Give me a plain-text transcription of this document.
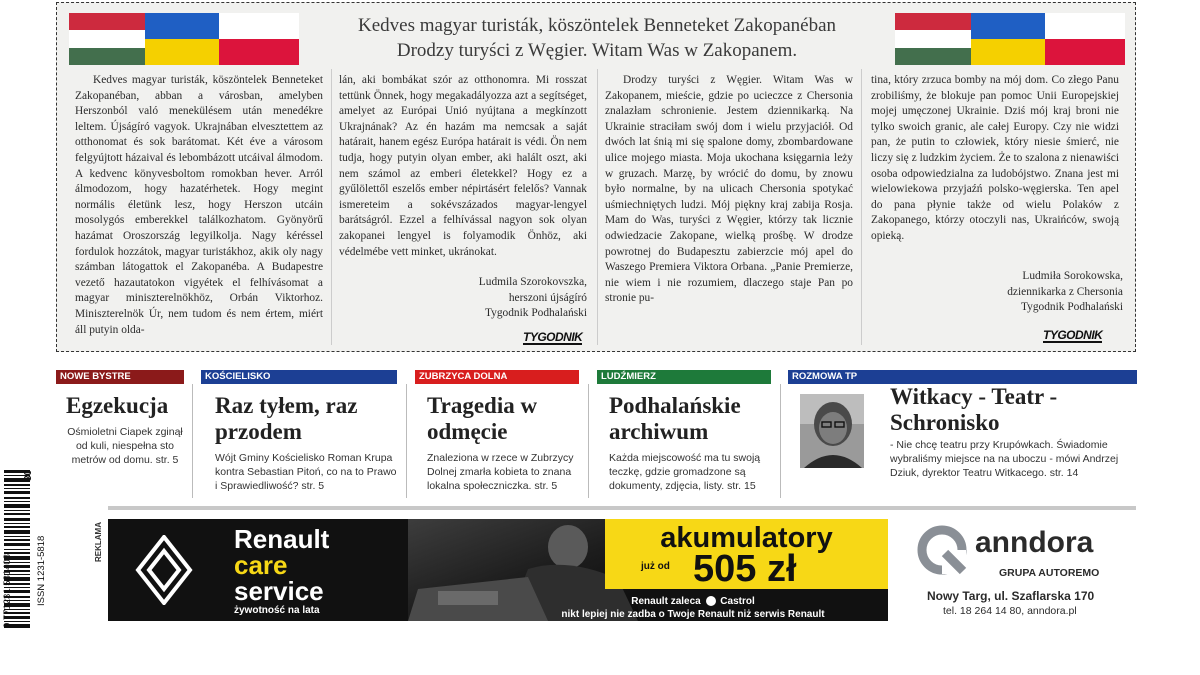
Kedves magyar turisták, köszöntelek Benneteket Zakopanéban
Drodzy turyści z Węgier. Witam Was w Zakopanem.

Kedves magyar turisták, köszöntelek Benneteket Zakopanéban, abban a városban, amelyben Herszonból való menekülésem után menedékre leltem. Újságíró vagyok. Ukrajnában elvesztettem az otthonomat és sok barátomat. Két éve a városom felgyújtott házaival és lebombázott utcáival álmodom. A kedvenc könyvesboltom romokban hever. Arról álmodozom, hogy hazatérhetek. Hogy megint normális életünk lesz, hogy Herszon utcáin mosolygós emberekkel találkozhatom. Gyönyörű hazámat Oroszország legyilkolja. Nagy kéréssel fordulok hozzátok, magyar turistákhoz, akik oly nagy számban látogattok el Zakopanéba. A Budapestre vezető hazautatokon vigyétek el felhívásomat a magyar miniszterelnökhöz, Orbán Viktorhoz. Miniszterelnök Úr, nem tudom és nem értem, miért áll putyin olda-

lán, aki bombákat szór az otthonomra. Mi rosszat tettünk Önnek, hogy megakadályozza azt a segítséget, amelyet az Európai Unió nyújtana a megkínzott Ukrajnának? Az én hazám ma nemcsak a saját határait, hanem egész Európa határait is védi. Ön nem tudja, hogy putyin olyan ember, aki halált oszt, aki nem számol az emberi életekkel? Hogy ez a gyűlölettől eszelős ember népirtásért felelős? Vannak ismereteim a sokévszázados magyar-lengyel barátságról. Ezzel a felhívással nagyon sok olyan zakopanei lengyel is folyamodik Önhöz, aki védelmébe vett minket, ukránokat.

Ludmila Szorokovszka,
herszoni újságíró
Tygodnik Podhalański
TYGODNIK

Drodzy turyści z Węgier. Witam Was w Zakopanem, mieście, gdzie po ucieczce z Chersonia znalazłam schronienie. Jestem dziennikarką. Na Ukrainie straciłam swój dom i wielu przyjaciół. Od dwóch lat śnią mi się spalone domy, zbombardowane ulice mojego miasta. Moja ukochana księgarnia leży w gruzach. Marzę, by wrócić do domu, by znowu było normalne, by na ulicach Chersonia spotykać uśmiechniętych ludzi. Mój piękny kraj zabija Rosja. Mam do Was, turyści z Węgier, którzy tak licznie odwiedzacie Zakopane, wielką prośbę. W drodze powrotnej do Budapesztu zabierzcie mój apel do Waszego Premiera Viktora Orbana. „Panie Premierze, nie wiem i nie rozumiem, dlaczego staje Pan po stronie pu-

tina, który zrzuca bomby na mój dom. Co złego Panu zrobiliśmy, że blokuje pan pomoc Unii Europejskiej mojej umęczonej Ukrainie. Dziś mój kraj broni nie tylko swoich granic, ale całej Europy. Czy nie widzi pan, że putin to człowiek, który niesie śmierć, nie liczy się z ludzkim życiem. Że to szalona z nienawiści osoba odpowiedzialna za ludobójstwo. Znana jest mi wielowiekowa przyjaźń polsko-węgierska. Ten apel do pana płynie także od wielu Polaków z Zakopanego, którzy otoczyli nas, Ukraińców, swoją opieką.

Ludmiła Sorokowska,
dziennikarka z Chersonia
Tygodnik Podhalański
TYGODNIK
NOWE BYSTRE
Egzekucja
Ośmioletni Ciapek zginął od kuli, niespełna sto metrów od domu. str. 5
KOŚCIELISKO
Raz tyłem, raz przodem
Wójt Gminy Kościelisko Roman Krupa kontra Sebastian Pitoń, co na to Prawo i Sprawiedliwość? str. 5
ZUBRZYCA DOLNA
Tragedia w odmęcie
Znaleziona w rzece w Zubrzycy Dolnej zmarła kobieta to znana lokalna społeczniczka. str. 5
LUDŹMIERZ
Podhalańskie archiwum
Każda miejscowość ma tu swoją teczkę, gdzie gromadzone są dokumenty, zdjęcia, listy. str. 15
ROZMOWA TP
Witkacy - Teatr - Schronisko
- Nie chcę teatru przy Krupówkach. Świadomie wybraliśmy miejsce na na uboczu - mówi Andrzej Dziuk, dyrektor Teatru Witkacego. str. 14
08
9 771231 581408 ISSN 1231-5818	REKLAMA	Renault
care
service
żywotność na lata
akumulatory
już od 505 zł
Renault zaleca Castrol
nikt lepiej nie zadba o Twoje Renault niż serwis Renault
anndora
GRUPA AUTOREMO
Nowy Targ, ul. Szaflarska 170
tel. 18 264 14 80, anndora.pl
